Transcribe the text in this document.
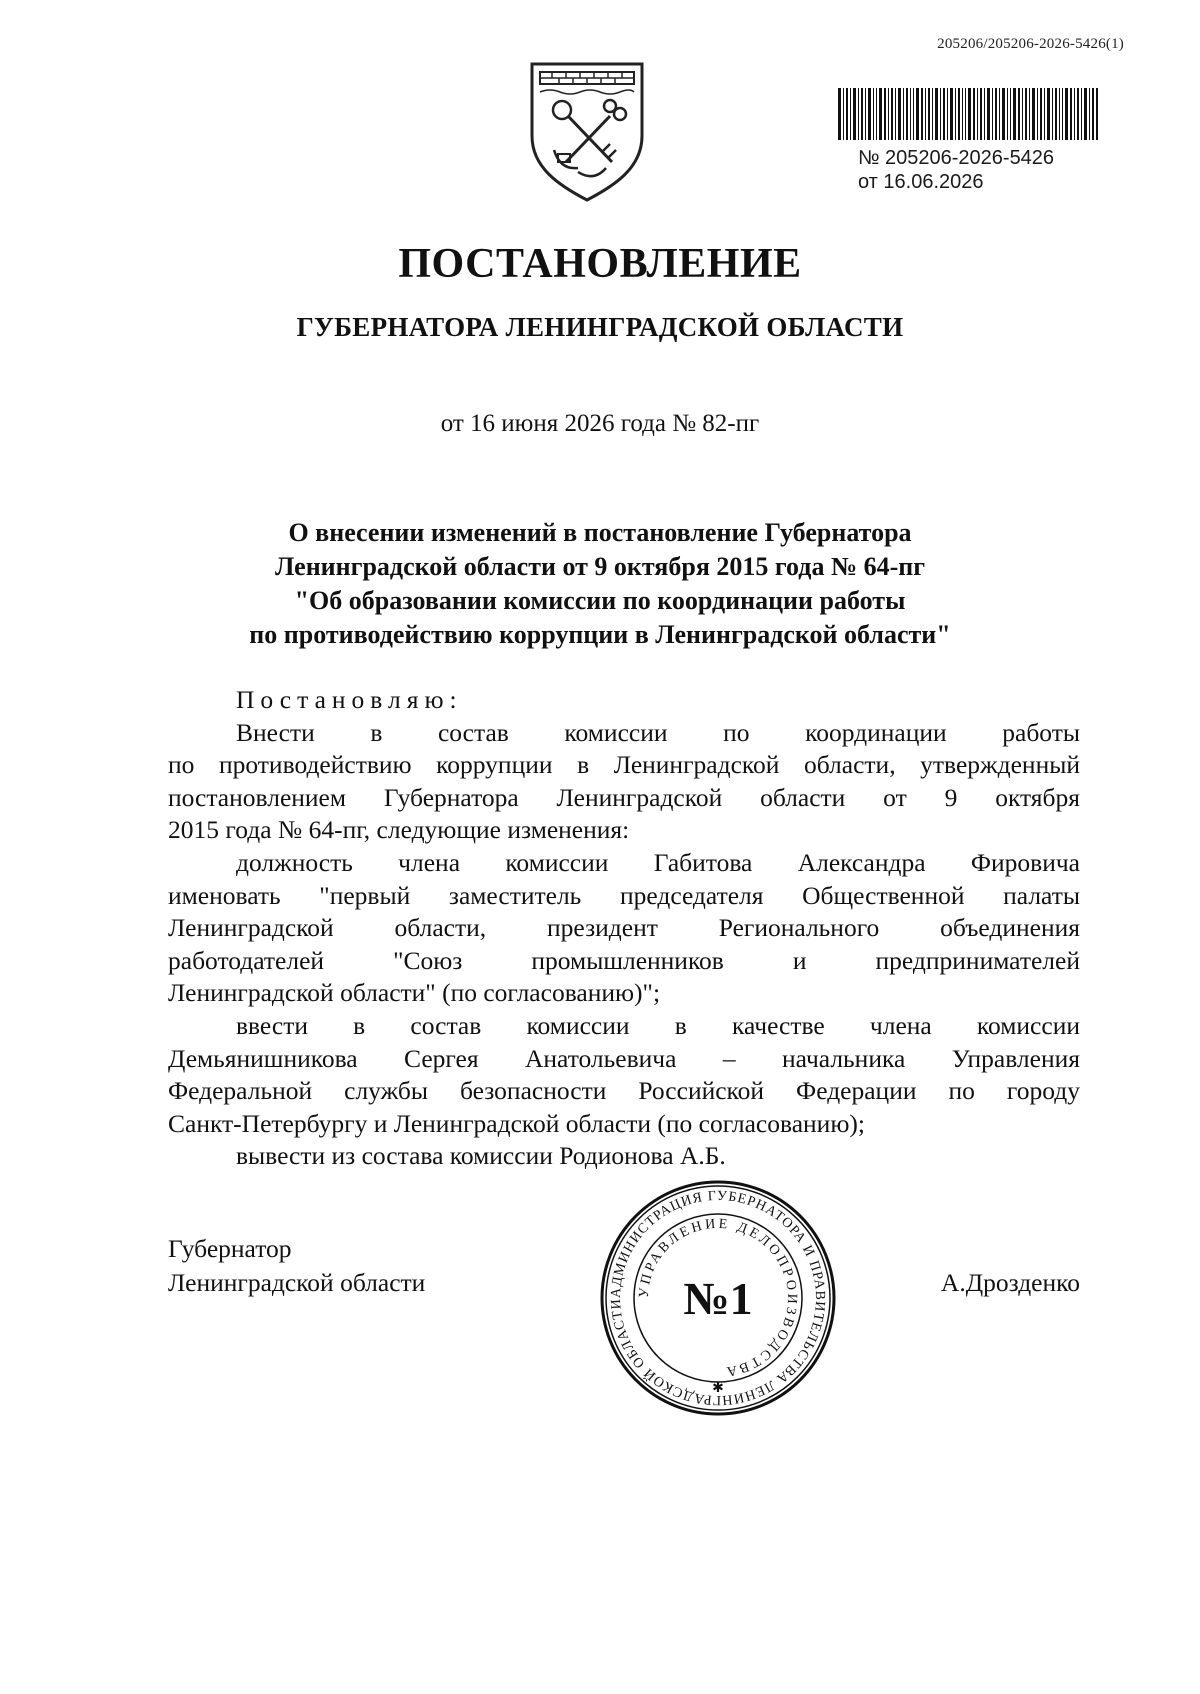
205206/205206-2026-5426(1)
№ 205206-2026-5426
от 16.06.2026
ПОСТАНОВЛЕНИЕ
ГУБЕРНАТОРА ЛЕНИНГРАДСКОЙ ОБЛАСТИ
от 16 июня 2026 года № 82-пг
О внесении изменений в постановление Губернатора
Ленинградской области от 9 октября 2015 года № 64-пг
"Об образовании комиссии по координации работы
по противодействию коррупции в Ленинградской области"
Постановляю:
Внести в состав комиссии по координации работы
по противодействию коррупции в Ленинградской области, утвержденный
постановлением Губернатора Ленинградской области от 9 октября
2015 года № 64-пг, следующие изменения:
должность члена комиссии Габитова Александра Фировича
именовать "первый заместитель председателя Общественной палаты
Ленинградской области, президент Регионального объединения
работодателей "Союз промышленников и предпринимателей
Ленинградской области" (по согласованию)";
ввести в состав комиссии в качестве члена комиссии
Демьянишникова Сергея Анатольевича – начальника Управления
Федеральной службы безопасности Российской Федерации по городу
Санкт-Петербургу и Ленинградской области (по согласованию);
вывести из состава комиссии Родионова А.Б.
Губернатор
Ленинградской области	А.Дрозденко
АДМИНИСТРАЦИЯ ГУБЕРНАТОРА И ПРАВИТЕЛЬСТВА ЛЕНИНГРАДСКОЙ ОБЛАСТИ
УПРАВЛЕНИЕ ДЕЛОПРОИЗВОДСТВА
№1
✱
